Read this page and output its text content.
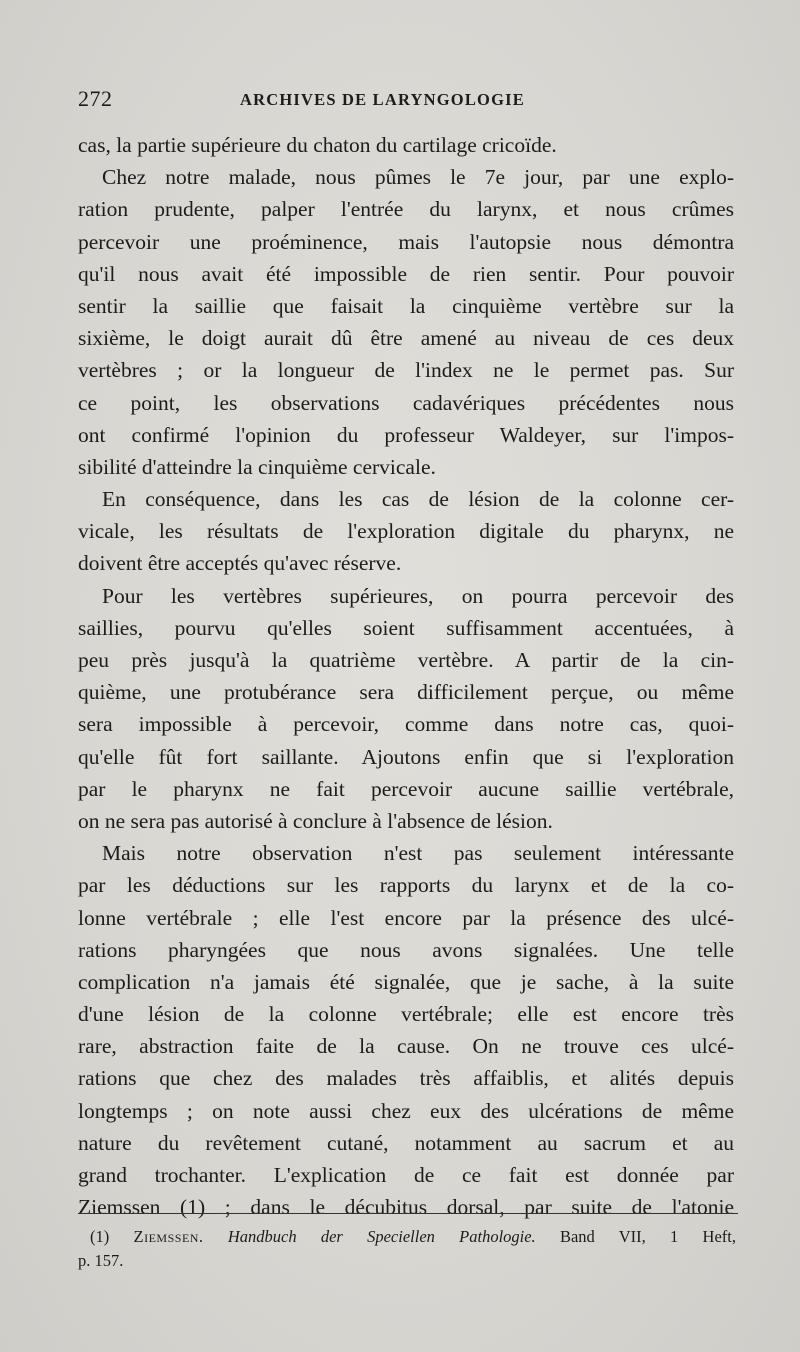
272	ARCHIVES DE LARYNGOLOGIE
cas, la partie supérieure du chaton du cartilage cricoïde.
Chez notre malade, nous pûmes le 7e jour, par une explo-
ration prudente, palper l'entrée du larynx, et nous crûmes
percevoir une proéminence, mais l'autopsie nous démontra
qu'il nous avait été impossible de rien sentir. Pour pouvoir
sentir la saillie que faisait la cinquième vertèbre sur la
sixième, le doigt aurait dû être amené au niveau de ces deux
vertèbres ; or la longueur de l'index ne le permet pas. Sur
ce point, les observations cadavériques précédentes nous
ont confirmé l'opinion du professeur Waldeyer, sur l'impos-
sibilité d'atteindre la cinquième cervicale.
En conséquence, dans les cas de lésion de la colonne cer-
vicale, les résultats de l'exploration digitale du pharynx, ne
doivent être acceptés qu'avec réserve.
Pour les vertèbres supérieures, on pourra percevoir des
saillies, pourvu qu'elles soient suffisamment accentuées, à
peu près jusqu'à la quatrième vertèbre. A partir de la cin-
quième, une protubérance sera difficilement perçue, ou même
sera impossible à percevoir, comme dans notre cas, quoi-
qu'elle fût fort saillante. Ajoutons enfin que si l'exploration
par le pharynx ne fait percevoir aucune saillie vertébrale,
on ne sera pas autorisé à conclure à l'absence de lésion.
Mais notre observation n'est pas seulement intéressante
par les déductions sur les rapports du larynx et de la co-
lonne vertébrale ; elle l'est encore par la présence des ulcé-
rations pharyngées que nous avons signalées. Une telle
complication n'a jamais été signalée, que je sache, à la suite
d'une lésion de la colonne vertébrale; elle est encore très
rare, abstraction faite de la cause. On ne trouve ces ulcé-
rations que chez des malades très affaiblis, et alités depuis
longtemps ; on note aussi chez eux des ulcérations de même
nature du revêtement cutané, notamment au sacrum et au
grand trochanter. L'explication de ce fait est donnée par
Ziemssen (1) ; dans le décubitus dorsal, par suite de l'atonie
(1) Ziemssen. Handbuch der Speciellen Pathologie. Band VII, 1 Heft,
p. 157.
